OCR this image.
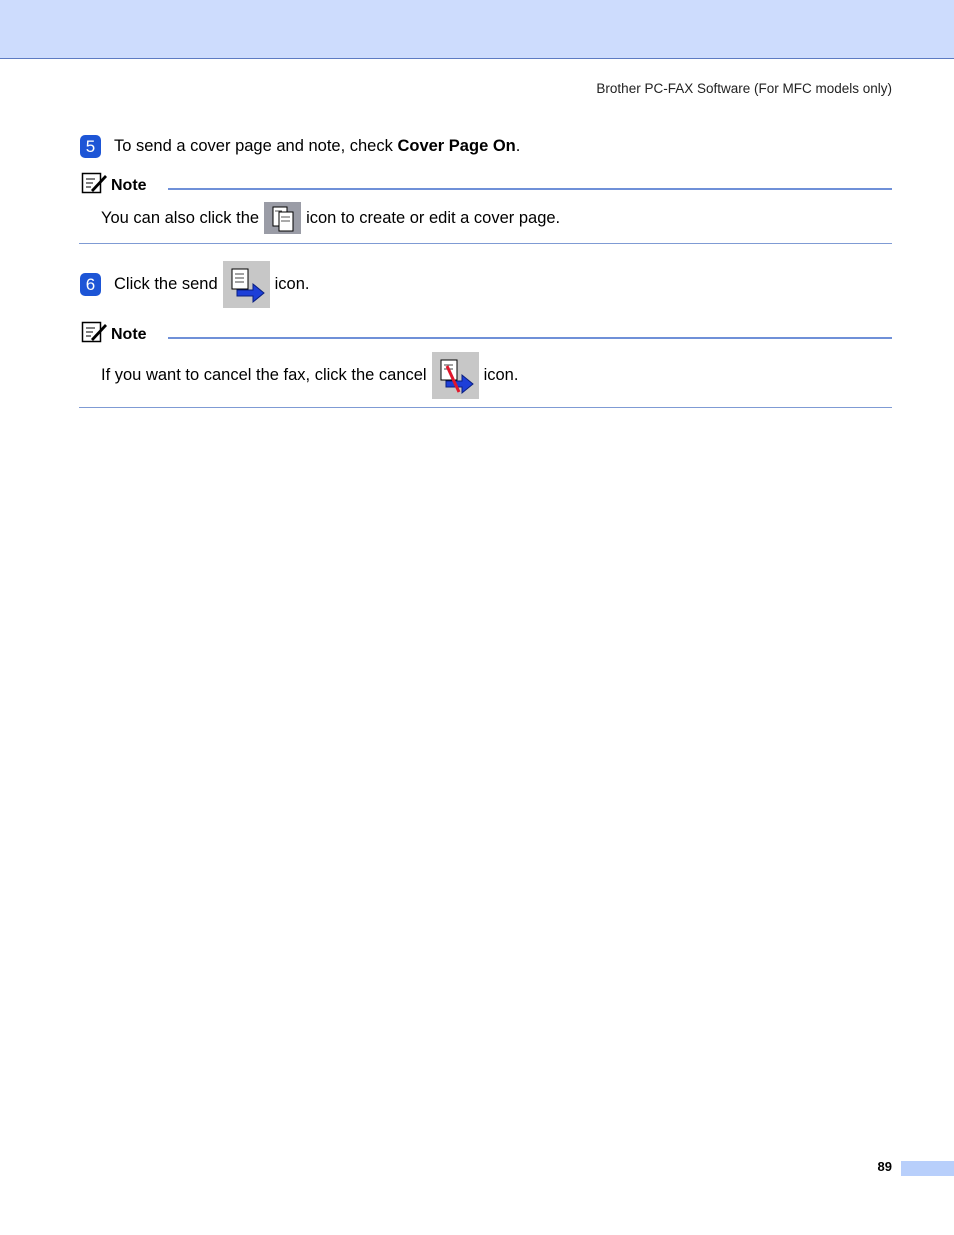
Brother PC-FAX Software (For MFC models only)
5	To send a cover page and note, check Cover Page On.
Note
You can also click the	icon to create or edit a cover page.
6	Click the send	icon.
Note
If you want to cancel the fax, click the cancel	icon.
89
